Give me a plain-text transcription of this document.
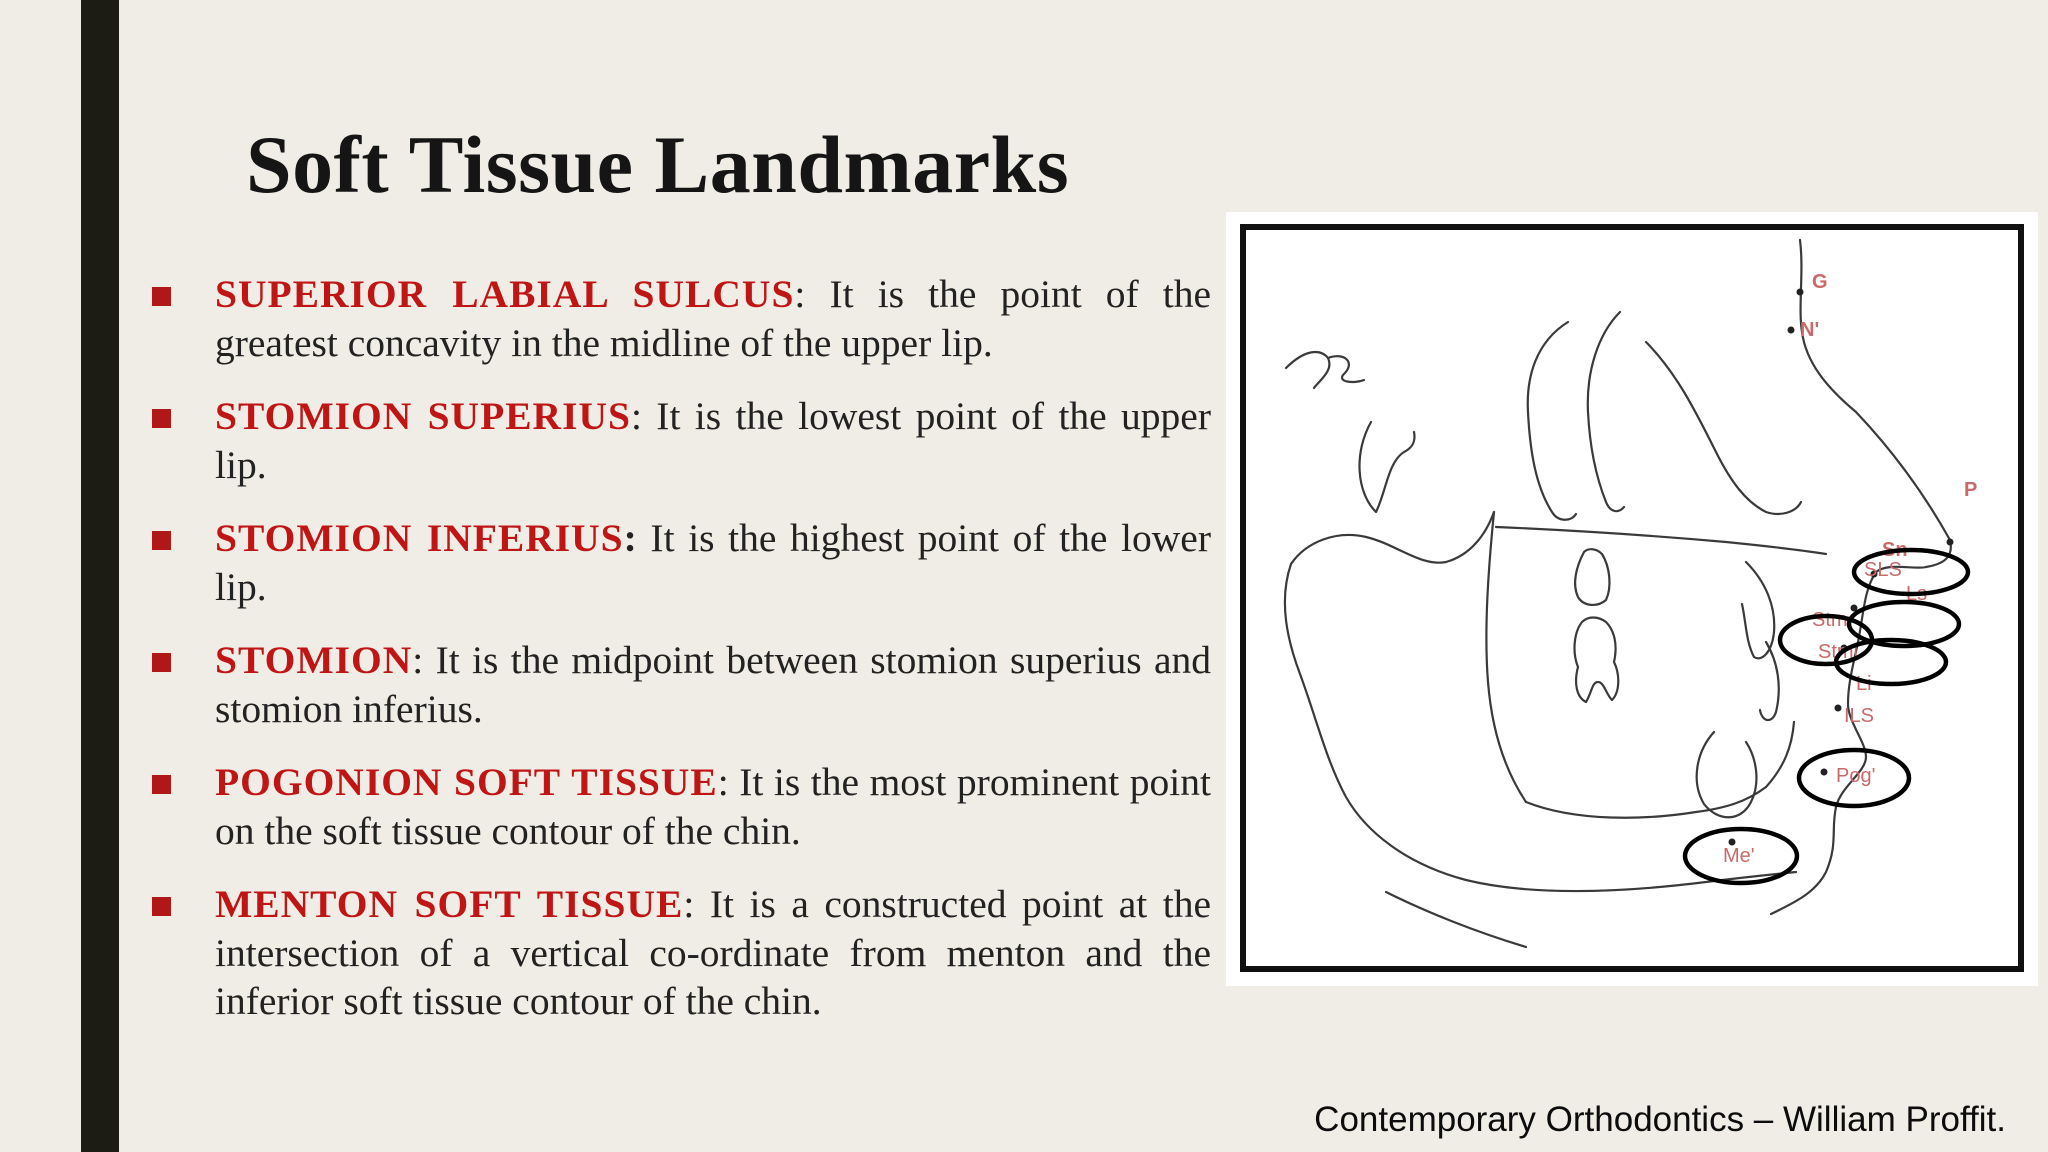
Soft Tissue Landmarks
SUPERIOR LABIAL SULCUS: It is the point of the greatest concavity in the midline of the upper lip.
STOMION SUPERIUS: It is the lowest point of the upper lip.
STOMION INFERIUS: It is the highest point of the lower lip.
STOMION: It is the midpoint between stomion superius and stomion inferius.
POGONION SOFT TISSUE: It is the most prominent point on the soft tissue contour of the chin.
MENTON SOFT TISSUE: It is a constructed point at the intersection of a vertical co-ordinate from menton and the inferior soft tissue contour of the chin.
G
N'
P
Sn
SLS
Ls
Stm
Stmi
Li
ILS
Pog'
Me'

Contemporary Orthodontics – William Proffit.
